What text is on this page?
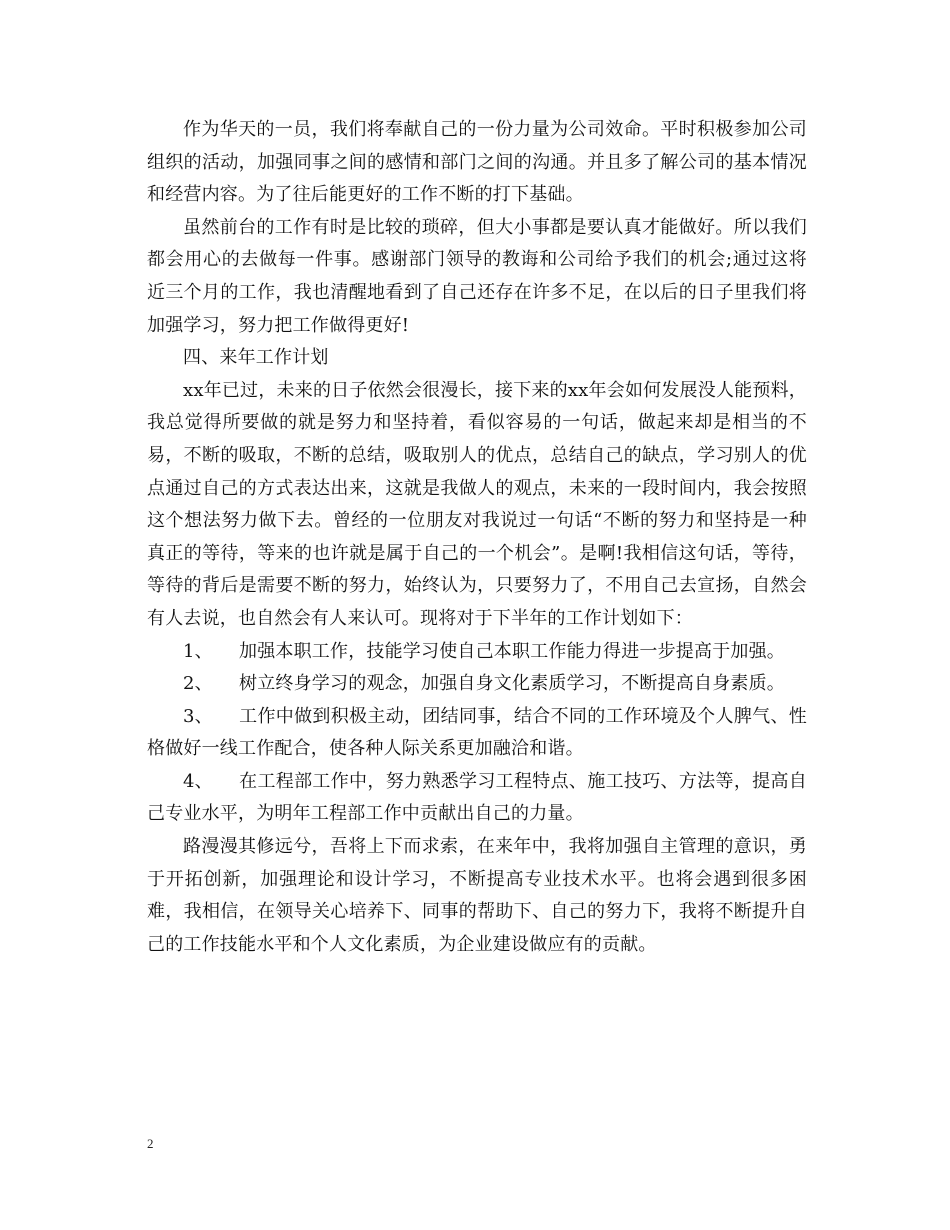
作为华天的一员，我们将奉献自己的一份力量为公司效命。平时积极参加公司组织的活动，加强同事之间的感情和部门之间的沟通。并且多了解公司的基本情况和经营内容。为了往后能更好的工作不断的打下基础。

虽然前台的工作有时是比较的琐碎，但大小事都是要认真才能做好。所以我们都会用心的去做每一件事。感谢部门领导的教诲和公司给予我们的机会;通过这将近三个月的工作，我也清醒地看到了自己还存在许多不足，在以后的日子里我们将加强学习，努力把工作做得更好!

四、来年工作计划

xx年已过，未来的日子依然会很漫长，接下来的xx年会如何发展没人能预料，我总觉得所要做的就是努力和坚持着，看似容易的一句话，做起来却是相当的不易，不断的吸取，不断的总结，吸取别人的优点，总结自己的缺点，学习别人的优点通过自己的方式表达出来，这就是我做人的观点，未来的一段时间内，我会按照这个想法努力做下去。曾经的一位朋友对我说过一句话“不断的努力和坚持是一种真正的等待，等来的也许就是属于自己的一个机会”。是啊!我相信这句话，等待，等待的背后是需要不断的努力，始终认为，只要努力了，不用自己去宣扬，自然会有人去说，也自然会有人来认可。现将对于下半年的工作计划如下：

1、 加强本职工作，技能学习使自己本职工作能力得进一步提高于加强。

2、 树立终身学习的观念，加强自身文化素质学习，不断提高自身素质。

3、 工作中做到积极主动，团结同事，结合不同的工作环境及个人脾气、性格做好一线工作配合，使各种人际关系更加融洽和谐。

4、 在工程部工作中，努力熟悉学习工程特点、施工技巧、方法等，提高自己专业水平，为明年工程部工作中贡献出自己的力量。

路漫漫其修远兮，吾将上下而求索，在来年中，我将加强自主管理的意识，勇于开拓创新，加强理论和设计学习，不断提高专业技术水平。也将会遇到很多困难，我相信，在领导关心培养下、同事的帮助下、自己的努力下，我将不断提升自己的工作技能水平和个人文化素质，为企业建设做应有的贡献。

2
